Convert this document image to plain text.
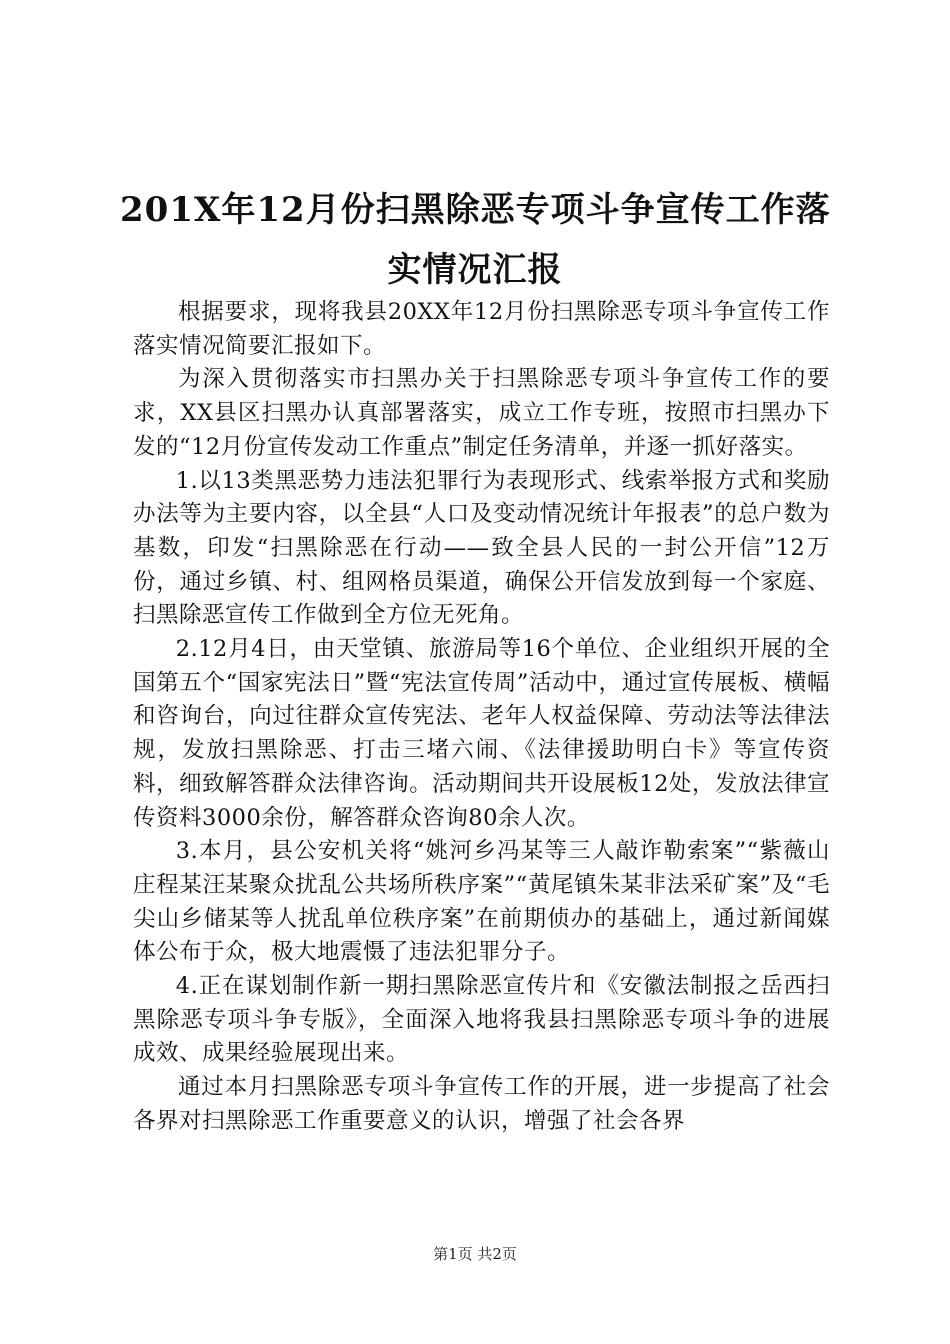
201X年12月份扫黑除恶专项斗争宣传工作落
实情况汇报

根据要求，现将我县20XX年12月份扫黑除恶专项斗争宣传工作落实情况简要汇报如下。

为深入贯彻落实市扫黑办关于扫黑除恶专项斗争宣传工作的要求，XX县区扫黑办认真部署落实，成立工作专班，按照市扫黑办下发的“12月份宣传发动工作重点”制定任务清单，并逐一抓好落实。

1.以13类黑恶势力违法犯罪行为表现形式、线索举报方式和奖励办法等为主要内容，以全县“人口及变动情况统计年报表”的总户数为基数，印发“扫黑除恶在行动——致全县人民的一封公开信”12万份，通过乡镇、村、组网格员渠道，确保公开信发放到每一个家庭、扫黑除恶宣传工作做到全方位无死角。

2.12月4日，由天堂镇、旅游局等16个单位、企业组织开展的全国第五个“国家宪法日”暨“宪法宣传周”活动中，通过宣传展板、横幅和咨询台，向过往群众宣传宪法、老年人权益保障、劳动法等法律法规，发放扫黑除恶、打击三堵六闹、《法律援助明白卡》等宣传资料，细致解答群众法律咨询。活动期间共开设展板12处，发放法律宣传资料3000余份，解答群众咨询80余人次。

3.本月，县公安机关将“姚河乡冯某等三人敲诈勒索案”“紫薇山庄程某汪某聚众扰乱公共场所秩序案”“黄尾镇朱某非法采矿案”及“毛尖山乡储某等人扰乱单位秩序案”在前期侦办的基础上，通过新闻媒体公布于众，极大地震慑了违法犯罪分子。

4.正在谋划制作新一期扫黑除恶宣传片和《安徽法制报之岳西扫黑除恶专项斗争专版》，全面深入地将我县扫黑除恶专项斗争的进展成效、成果经验展现出来。

通过本月扫黑除恶专项斗争宣传工作的开展，进一步提高了社会各界对扫黑除恶工作重要意义的认识，增强了社会各界

第1页 共2页
